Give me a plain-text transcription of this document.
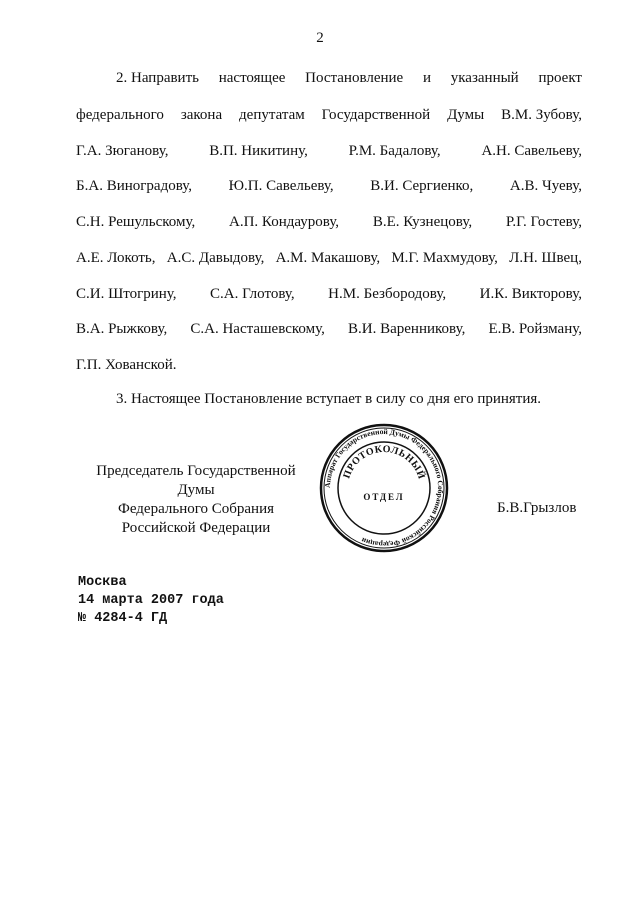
2
2. Направить настоящее Постановление и указанный проект
федерального закона депутатам Государственной Думы В.М. Зубову,
Г.А. Зюганову,	В.П. Никитину,	Р.М. Бадалову,	А.Н. Савельеву,
Б.А. Виноградову, Ю.П. Савельеву, В.И. Сергиенко, А.В. Чуеву,
С.Н. Решульскому, А.П. Кондаурову, В.Е. Кузнецову, Р.Г. Гостеву,
А.Е. Локоть, А.С. Давыдову, А.М. Макашову, М.Г. Махмудову, Л.Н. Швец,
С.И. Штогрину, С.А. Глотову, Н.М. Безбородову, И.К. Викторову,
В.А. Рыжкову, С.А. Насташевскому, В.И. Варенникову, Е.В. Ройзману,
Г.П. Хованской.
3. Настоящее Постановление вступает в силу со дня его принятия.
Председатель Государственной Думы
Федерального Собрания
Российской Федерации
Аппарат Государственной Думы Федерального Собрания Российской Федерации
ПРОТОКОЛЬНЫЙ
ОТДЕЛ
Б.В.Грызлов
Москва
14 марта 2007 года
№ 4284-4 ГД
